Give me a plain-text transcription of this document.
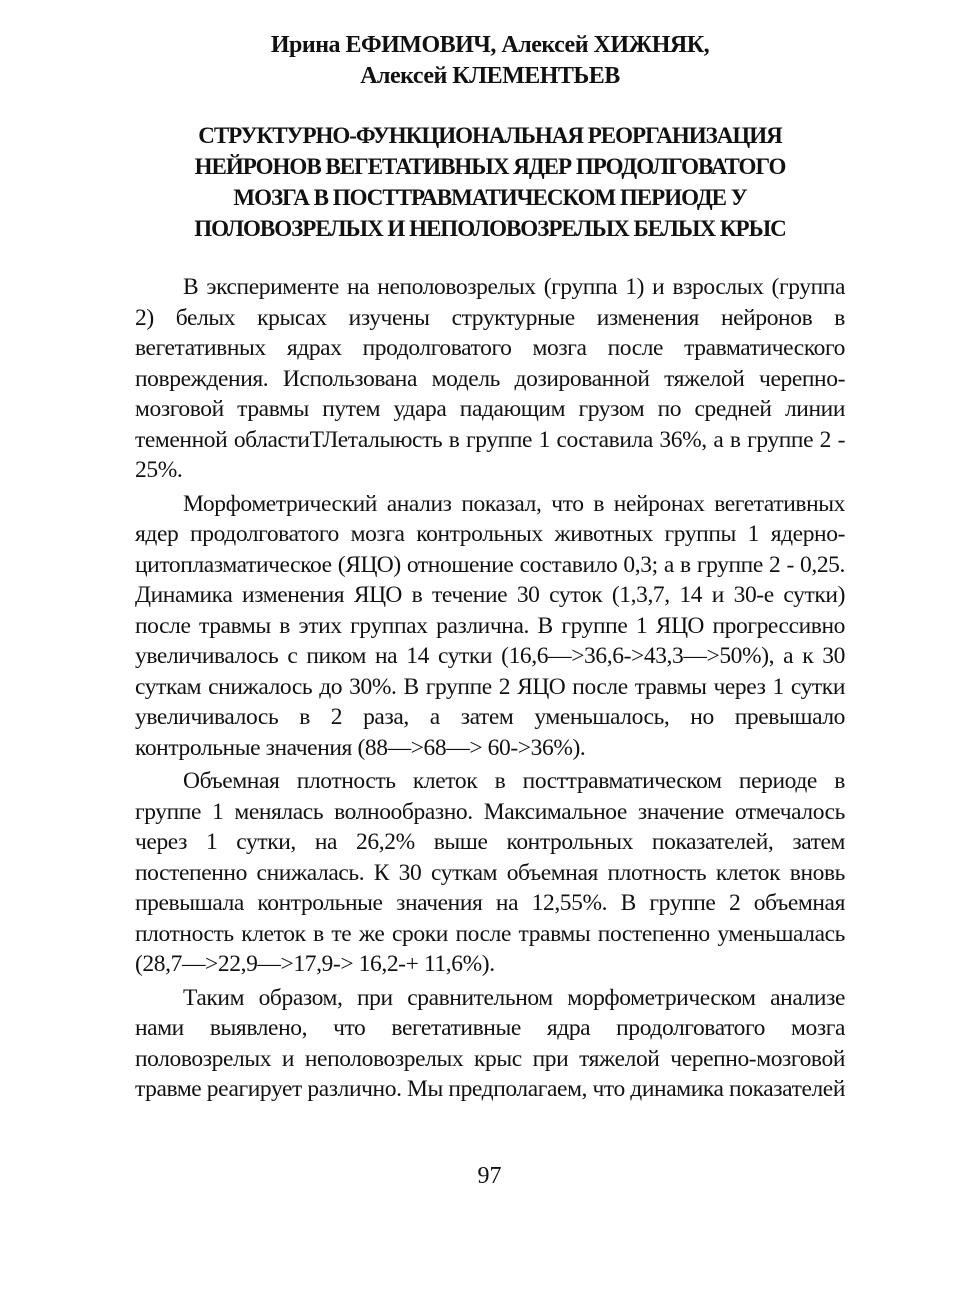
Ирина ЕФИМОВИЧ, Алексей ХИЖНЯК,
Алексей КЛЕМЕНТЬЕВ
СТРУКТУРНО-ФУНКЦИОНАЛЬНАЯ РЕОРГАНИЗАЦИЯ
НЕЙРОНОВ ВЕГЕТАТИВНЫХ ЯДЕР ПРОДОЛГОВАТОГО
МОЗГА В ПОСТТРАВМАТИЧЕСКОМ ПЕРИОДЕ У
ПОЛОВОЗРЕЛЫХ И НЕПОЛОВОЗРЕЛЫХ БЕЛЫХ КРЫС

В эксперименте на неполовозрелых (группа 1) и взрослых (группа 2) белых крысах изучены структурные изменения нейронов в вегетативных ядрах продолговатого мозга после травматического повреждения. Использована модель дозированной тяжелой черепно-мозговой травмы путем удара падающим грузом по средней линии теменной областиТЛеталыюсть в группе 1 составила 36%, а в группе 2 - 25%.

Морфометрический анализ показал, что в нейронах вегетативных ядер продолговатого мозга контрольных животных группы 1 ядерно-цитоплазматическое (ЯЦО) отношение составило 0,3; а в группе 2 - 0,25. Динамика изменения ЯЦО в течение 30 суток (1,3,7, 14 и 30-е сутки) после травмы в этих группах различна. В группе 1 ЯЦО прогрессивно увеличивалось с пиком на 14 сутки (16,6—>36,6->43,3—>50%), а к 30 суткам снижалось до 30%. В группе 2 ЯЦО после травмы через 1 сутки увеличивалось в 2 раза, а затем уменьшалось, но превышало контрольные значения (88—>68—> 60->36%).

Объемная плотность клеток в посттравматическом периоде в группе 1 менялась волнообразно. Максимальное значение отмечалось через 1 сутки, на 26,2% выше контрольных показателей, затем постепенно снижалась. К 30 суткам объемная плотность клеток вновь превышала контрольные значения на 12,55%. В группе 2 объемная плотность клеток в те же сроки после травмы постепенно уменьшалась (28,7—>22,9—>17,9-> 16,2-+ 11,6%).

Таким образом, при сравнительном морфометрическом анализе нами выявлено, что вегетативные ядра продолговатого мозга половозрелых и неполовозрелых крыс при тяжелой черепно-мозговой травме реагирует различно. Мы предполагаем, что динамика показателей

97
